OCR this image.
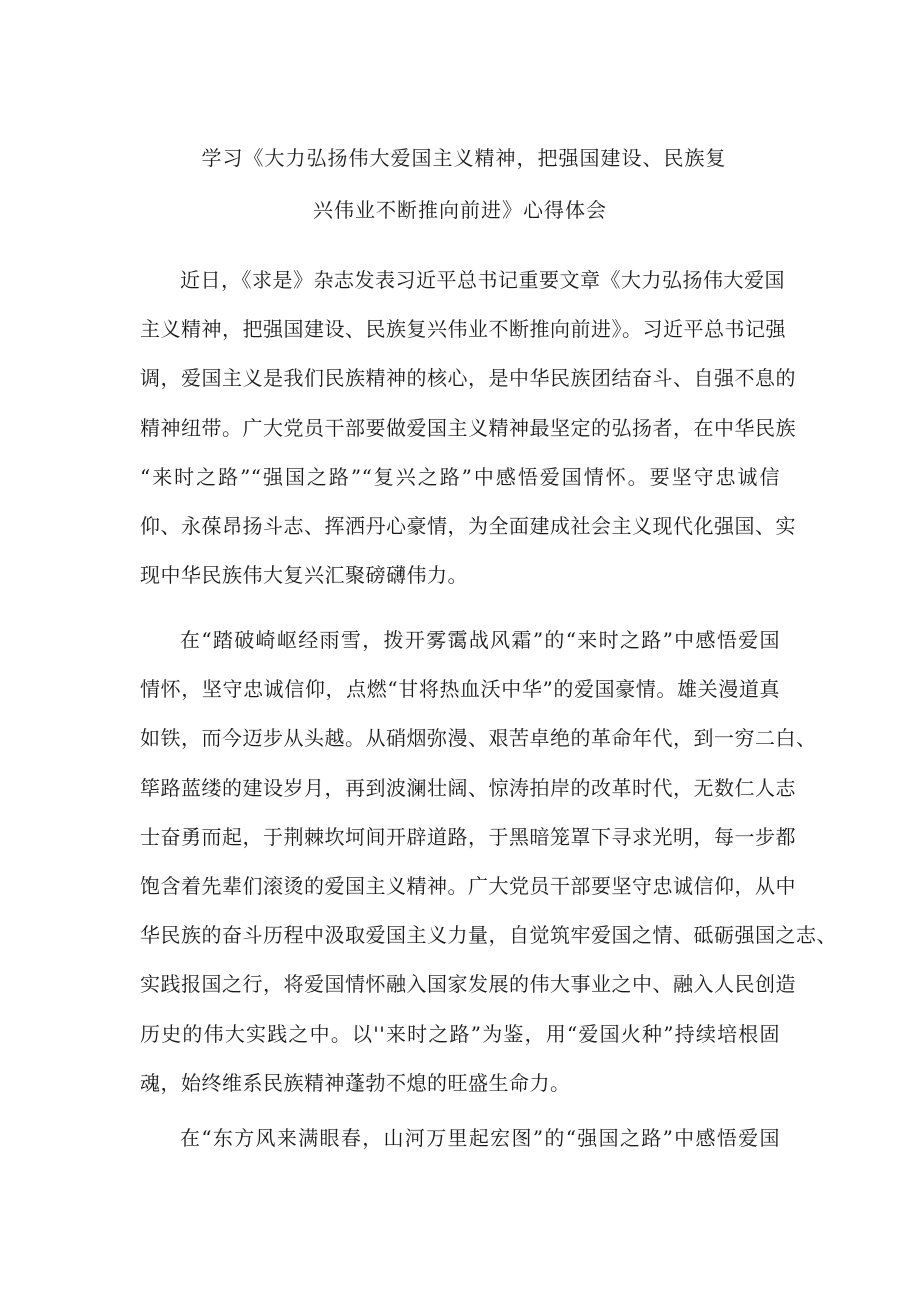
学习《大力弘扬伟大爱国主义精神，把强国建设、民族复
兴伟业不断推向前进》心得体会
近日，《求是》杂志发表习近平总书记重要文章《大力弘扬伟大爱国
主义精神，把强国建设、民族复兴伟业不断推向前进》。习近平总书记强
调，爱国主义是我们民族精神的核心，是中华民族团结奋斗、自强不息的
精神纽带。广大党员干部要做爱国主义精神最坚定的弘扬者，在中华民族
“来时之路”“强国之路”“复兴之路”中感悟爱国情怀。要坚守忠诚信
仰、永葆昂扬斗志、挥洒丹心豪情，为全面建成社会主义现代化强国、实
现中华民族伟大复兴汇聚磅礴伟力。
在“踏破崎岖经雨雪，拨开雾霭战风霜”的“来时之路”中感悟爱国
情怀，坚守忠诚信仰，点燃“甘将热血沃中华”的爱国豪情。雄关漫道真
如铁，而今迈步从头越。从硝烟弥漫、艰苦卓绝的革命年代，到一穷二白、
筚路蓝缕的建设岁月，再到波澜壮阔、惊涛拍岸的改革时代，无数仁人志
士奋勇而起，于荆棘坎坷间开辟道路，于黑暗笼罩下寻求光明，每一步都
饱含着先辈们滚烫的爱国主义精神。广大党员干部要坚守忠诚信仰，从中
华民族的奋斗历程中汲取爱国主义力量，自觉筑牢爱国之情、砥砺强国之志、
实践报国之行，将爱国情怀融入国家发展的伟大事业之中、融入人民创造
历史的伟大实践之中。以''来时之路”为鉴，用“爱国火种”持续培根固
魂，始终维系民族精神蓬勃不熄的旺盛生命力。
在“东方风来满眼春，山河万里起宏图”的“强国之路”中感悟爱国
